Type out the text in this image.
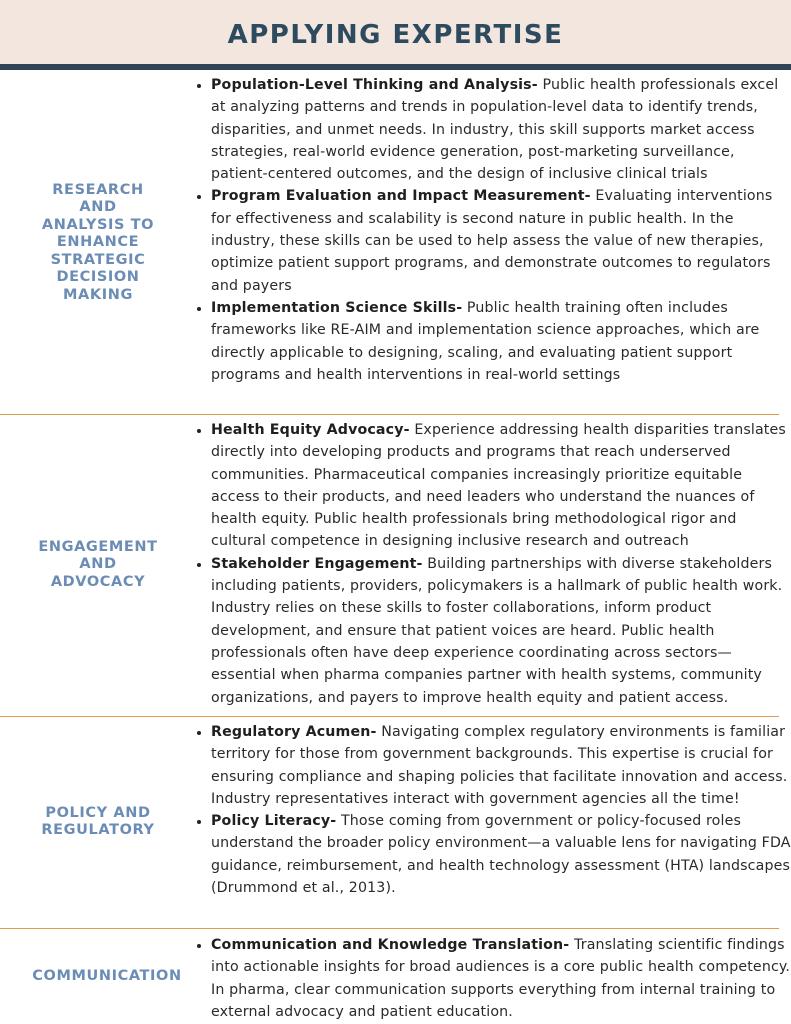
APPLYING EXPERTISE
RESEARCH AND ANALYSIS TO ENHANCE STRATEGIC DECISION MAKING
• Population-Level Thinking and Analysis- Public health professionals excel at analyzing patterns and trends in population-level data to identify trends, disparities, and unmet needs. In industry, this skill supports market access strategies, real-world evidence generation, post-marketing surveillance, patient-centered outcomes, and the design of inclusive clinical trials
• Program Evaluation and Impact Measurement- Evaluating interventions for effectiveness and scalability is second nature in public health. In the industry, these skills can be used to help assess the value of new therapies, optimize patient support programs, and demonstrate outcomes to regulators and payers
• Implementation Science Skills- Public health training often includes frameworks like RE-AIM and implementation science approaches, which are directly applicable to designing, scaling, and evaluating patient support programs and health interventions in real-world settings
ENGAGEMENT AND ADVOCACY
• Health Equity Advocacy- Experience addressing health disparities translates directly into developing products and programs that reach underserved communities. Pharmaceutical companies increasingly prioritize equitable access to their products, and need leaders who understand the nuances of health equity. Public health professionals bring methodological rigor and cultural competence in designing inclusive research and outreach
• Stakeholder Engagement- Building partnerships with diverse stakeholders including patients, providers, policymakers is a hallmark of public health work. Industry relies on these skills to foster collaborations, inform product development, and ensure that patient voices are heard. Public health professionals often have deep experience coordinating across sectors—essential when pharma companies partner with health systems, community organizations, and payers to improve health equity and patient access.
POLICY AND REGULATORY
• Regulatory Acumen- Navigating complex regulatory environments is familiar territory for those from government backgrounds. This expertise is crucial for ensuring compliance and shaping policies that facilitate innovation and access. Industry representatives interact with government agencies all the time!
• Policy Literacy- Those coming from government or policy-focused roles understand the broader policy environment—a valuable lens for navigating FDA guidance, reimbursement, and health technology assessment (HTA) landscapes (Drummond et al., 2013).
COMMUNICATION
• Communication and Knowledge Translation- Translating scientific findings into actionable insights for broad audiences is a core public health competency. In pharma, clear communication supports everything from internal training to external advocacy and patient education.
